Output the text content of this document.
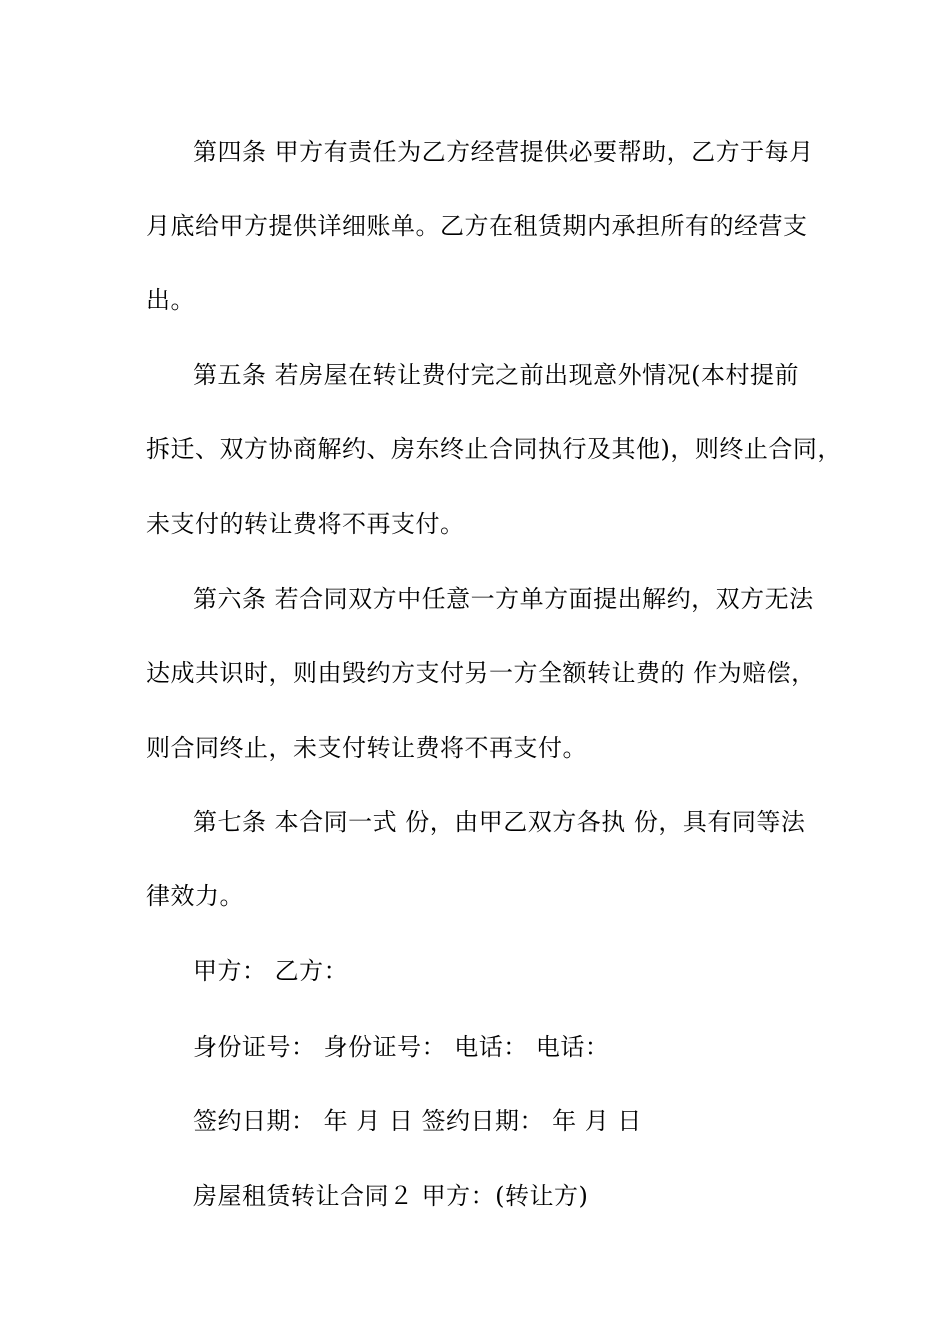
第四条 甲方有责任为乙方经营提供必要帮助，乙方于每月
月底给甲方提供详细账单。乙方在租赁期内承担所有的经营支
出。
第五条 若房屋在转让费付完之前出现意外情况(本村提前
拆迁、双方协商解约、房东终止合同执行及其他)，则终止合同，
未支付的转让费将不再支付。
第六条 若合同双方中任意一方单方面提出解约，双方无法
达成共识时，则由毁约方支付另一方全额转让费的 作为赔偿，
则合同终止，未支付转让费将不再支付。
第七条 本合同一式 份，由甲乙双方各执 份，具有同等法
律效力。
甲方： 乙方：
身份证号： 身份证号： 电话： 电话：
签约日期： 年 月 日 签约日期： 年 月 日
房屋租赁转让合同２ 甲方：(转让方)
